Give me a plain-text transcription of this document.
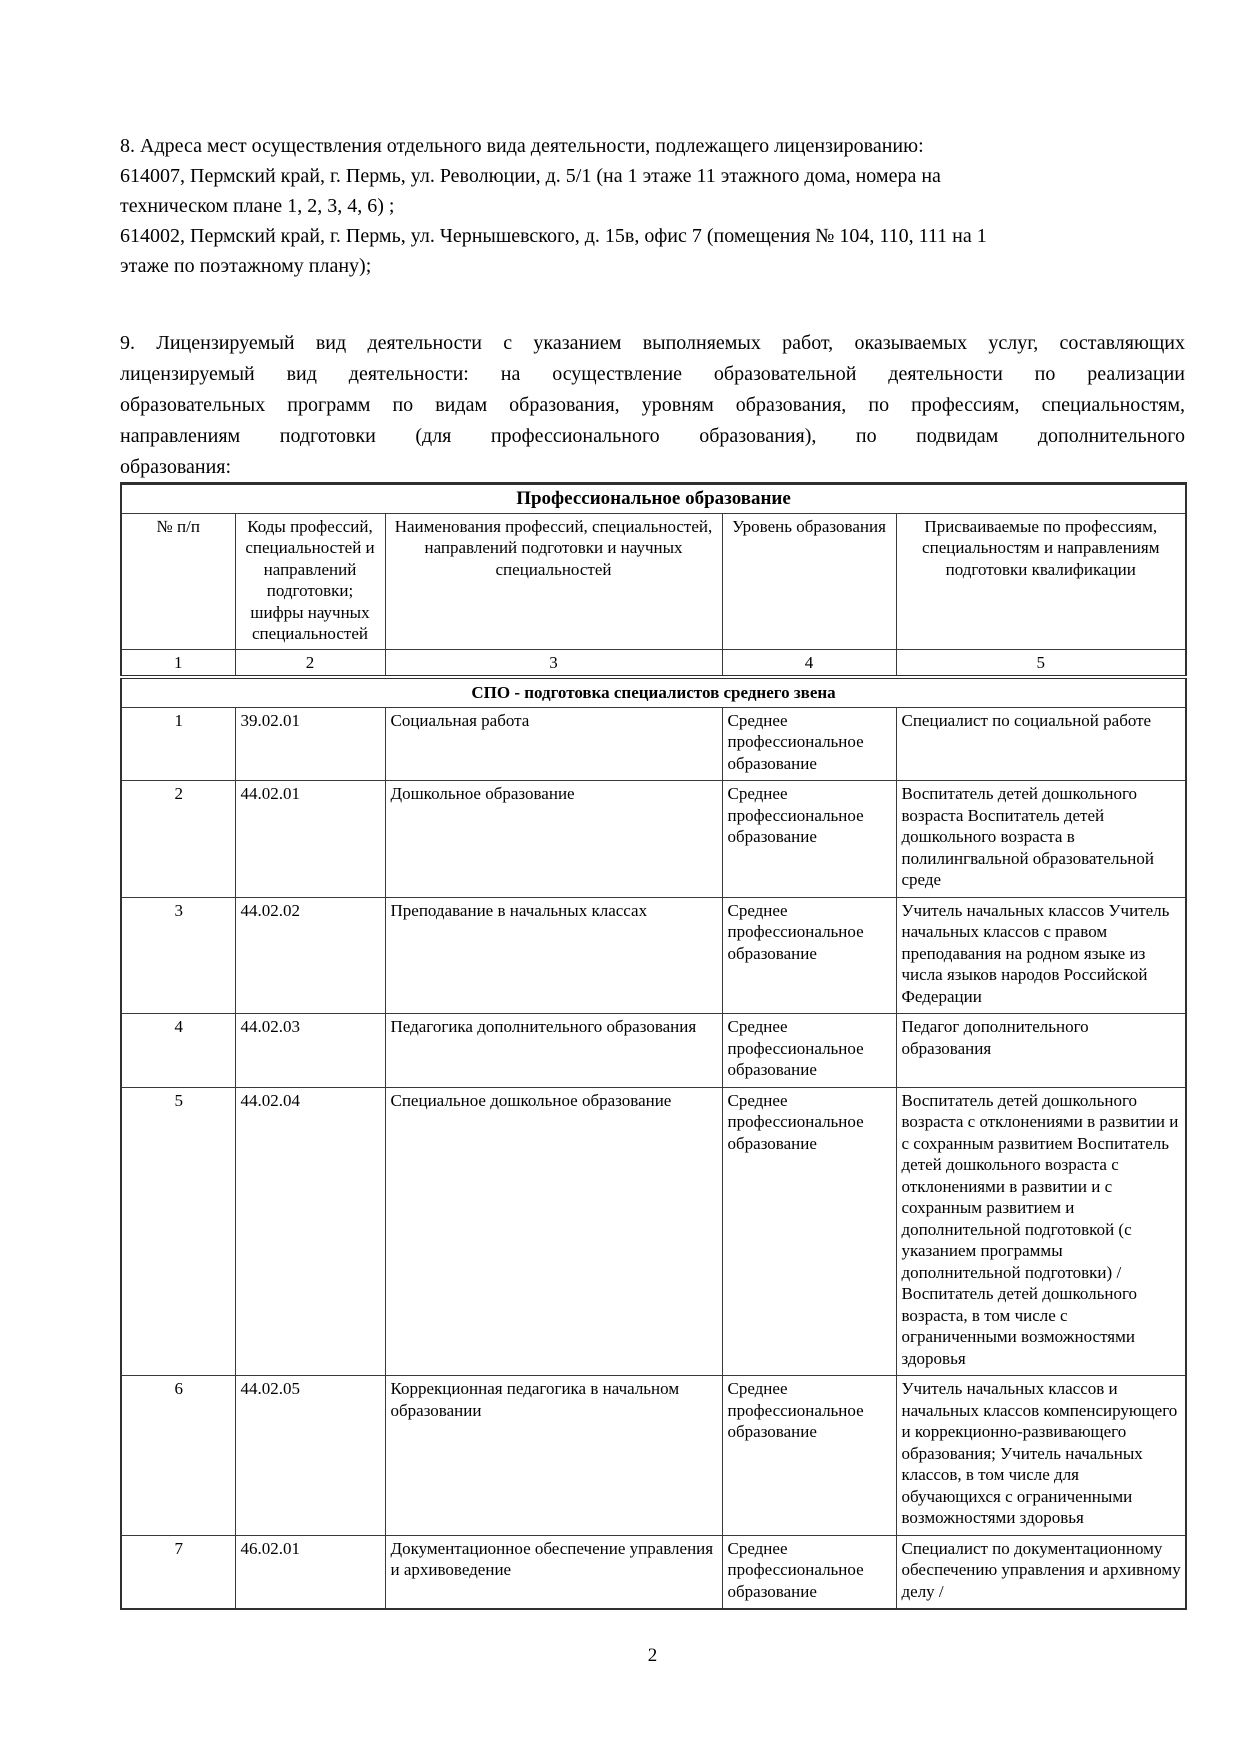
8. Адреса мест осуществления отдельного вида деятельности, подлежащего лицензированию:
614007, Пермский край, г. Пермь, ул. Революции, д. 5/1 (на 1 этаже 11 этажного дома, номера на
техническом плане 1, 2, 3, 4, 6) ;
614002, Пермский край, г. Пермь, ул. Чернышевского, д. 15в, офис 7 (помещения № 104, 110, 111 на 1
этаже по поэтажному плану);
9. Лицензируемый вид деятельности с указанием выполняемых работ, оказываемых услуг, составляющих
лицензируемый вид деятельности: на осуществление образовательной деятельности по реализации
образовательных программ по видам образования, уровням образования, по профессиям, специальностям,
направлениям подготовки (для профессионального образования), по подвидам дополнительного
образования:
Профессиональное образование				
№ п/п	Коды профессий, специальностей и направлений подготовки; шифры научных специальностей	Наименования профессий, специальностей, направлений подготовки и научных специальностей	Уровень образования	Присваиваемые по профессиям, специальностям и направлениям подготовки квалификации
1	2	3	4	5
СПО - подготовка специалистов среднего звена				
1	39.02.01	Социальная работа	Среднее профессиональное образование	Специалист по социальной работе
2	44.02.01	Дошкольное образование	Среднее профессиональное образование	Воспитатель детей дошкольного возраста Воспитатель детей дошкольного возраста в полилингвальной образовательной среде
3	44.02.02	Преподавание в начальных классах	Среднее профессиональное образование	Учитель начальных классов Учитель начальных классов с правом преподавания на родном языке из числа языков народов Российской Федерации
4	44.02.03	Педагогика дополнительного образования	Среднее профессиональное образование	Педагог дополнительного образования
5	44.02.04	Специальное дошкольное образование	Среднее профессиональное образование	Воспитатель детей дошкольного возраста с отклонениями в развитии и с сохранным развитием Воспитатель детей дошкольного возраста с отклонениями в развитии и с сохранным развитием и дополнительной подготовкой (с указанием программы дополнительной подготовки) / Воспитатель детей дошкольного возраста, в том числе с ограниченными возможностями здоровья
6	44.02.05	Коррекционная педагогика в начальном образовании	Среднее профессиональное образование	Учитель начальных классов и начальных классов компенсирующего и коррекционно-развивающего образования; Учитель начальных классов, в том числе для обучающихся с ограниченными возможностями здоровья
7	46.02.01	Документационное обеспечение управления и архивоведение	Среднее профессиональное образование	Специалист по документационному обеспечению управления и архивному делу /
2
